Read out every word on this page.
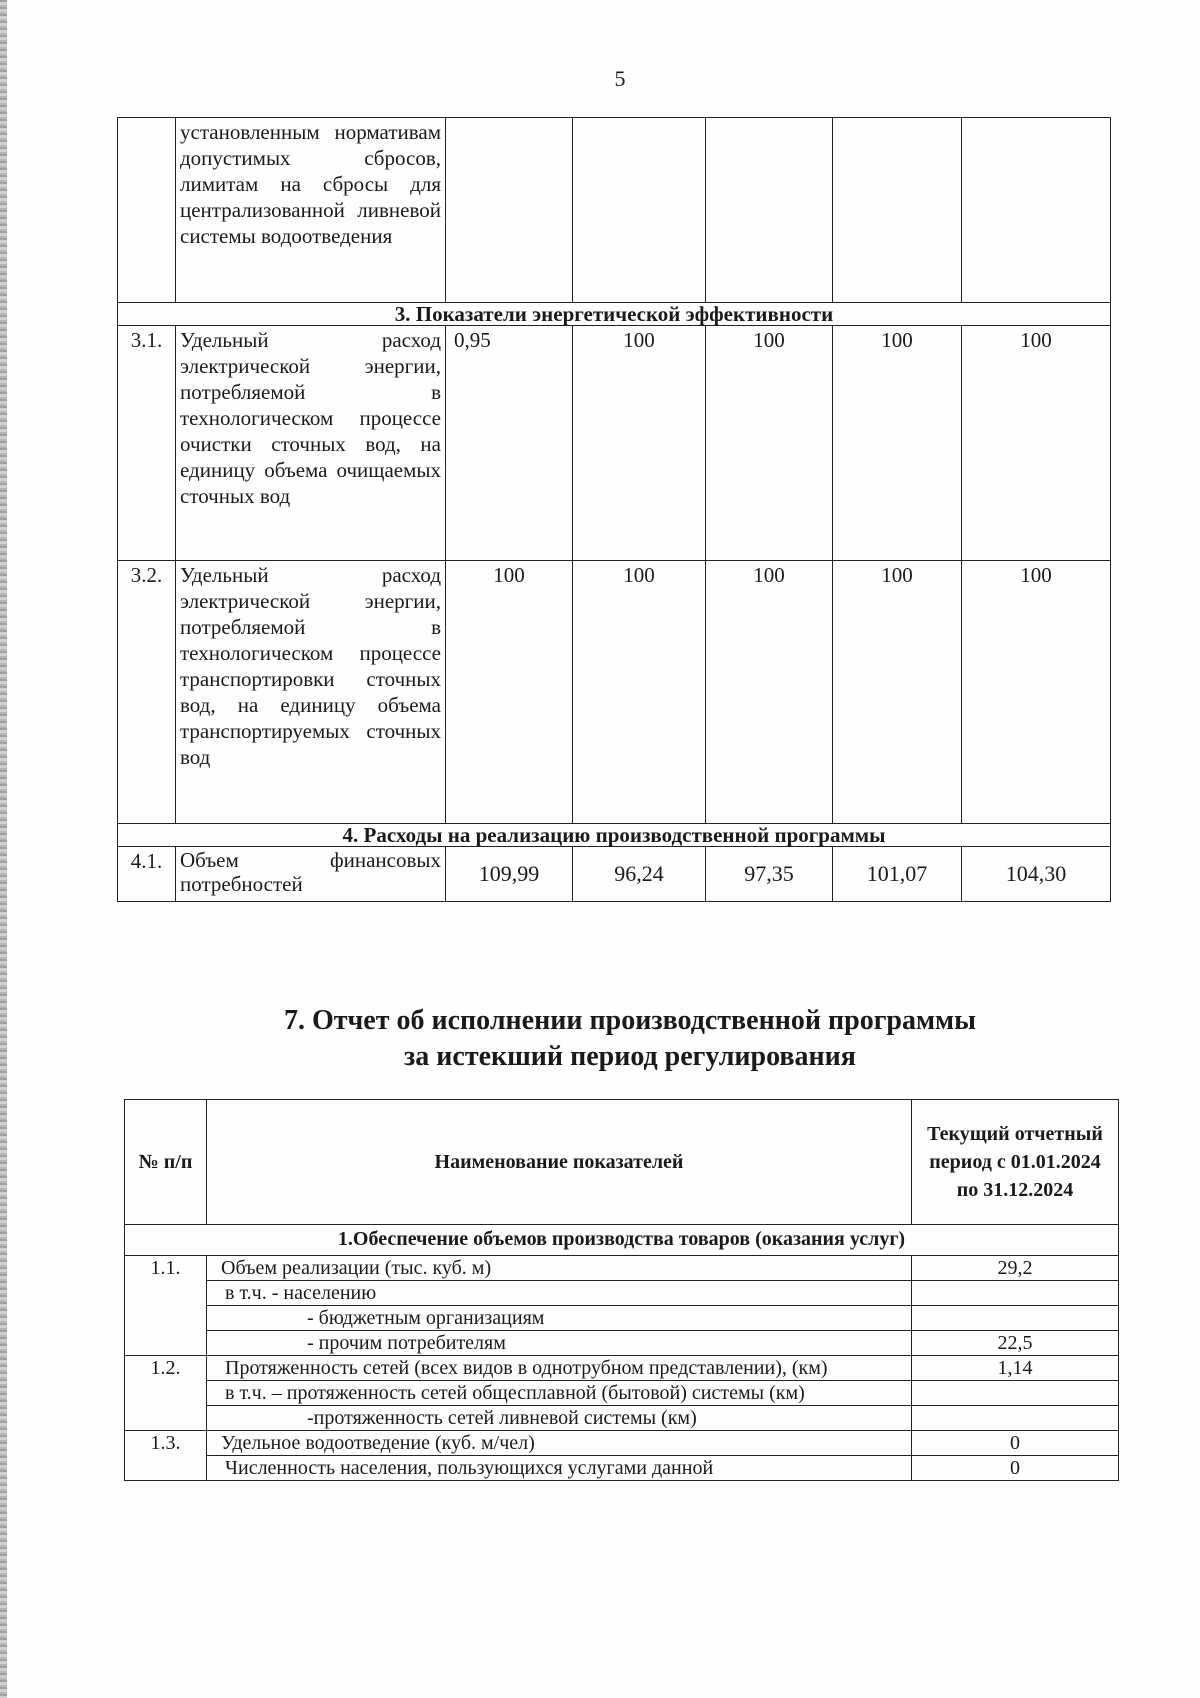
5
	установленным нормативам допустимых сбросов, лимитам на сбросы для централизованной ливневой системы водоотведения					
3. Показатели энергетической эффективности						
3.1.	Удельный расход электрической энергии, потребляемой в технологическом процессе очистки сточных вод, на единицу объема очищаемых сточных вод	0,95	100	100	100	100
3.2.	Удельный расход электрической энергии, потребляемой в технологическом процессе транспортировки сточных вод, на единицу объема транспортируемых сточных вод	100	100	100	100	100
4. Расходы на реализацию производственной программы						
4.1.	Объем финансовых потребностей	109,99	96,24	97,35	101,07	104,30
7. Отчет об исполнении производственной программы
за истекший период регулирования
№ п/п	Наименование показателей	Текущий отчетный период с 01.01.2024 по 31.12.2024
1.Обеспечение объемов производства товаров (оказания услуг)		
1.1.	Объем реализации (тыс. куб. м)	29,2
	в т.ч. - населению	
	- бюджетным организациям	
	- прочим потребителям	22,5
1.2.	Протяженность сетей (всех видов в однотрубном представлении), (км)	1,14
	в т.ч. – протяженность сетей общесплавной (бытовой) системы (км)	
	-протяженность сетей ливневой системы (км)	
1.3.	Удельное водоотведение (куб. м/чел)	0
	Численность населения, пользующихся услугами данной	0
